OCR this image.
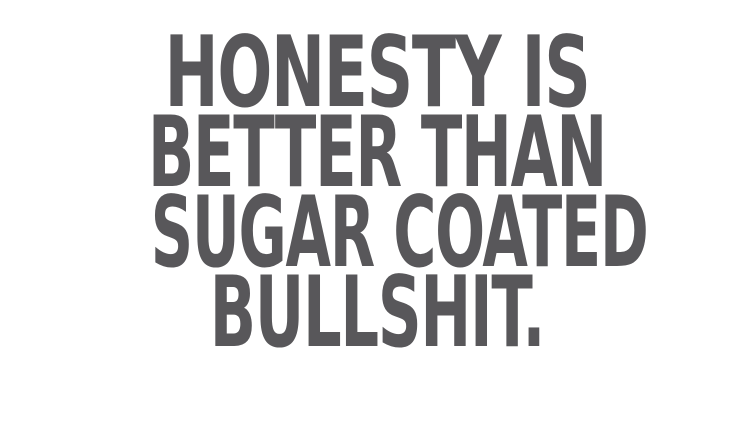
HONESTY IS
BETTER THAN
SUGAR COATED
BULLSHIT.
